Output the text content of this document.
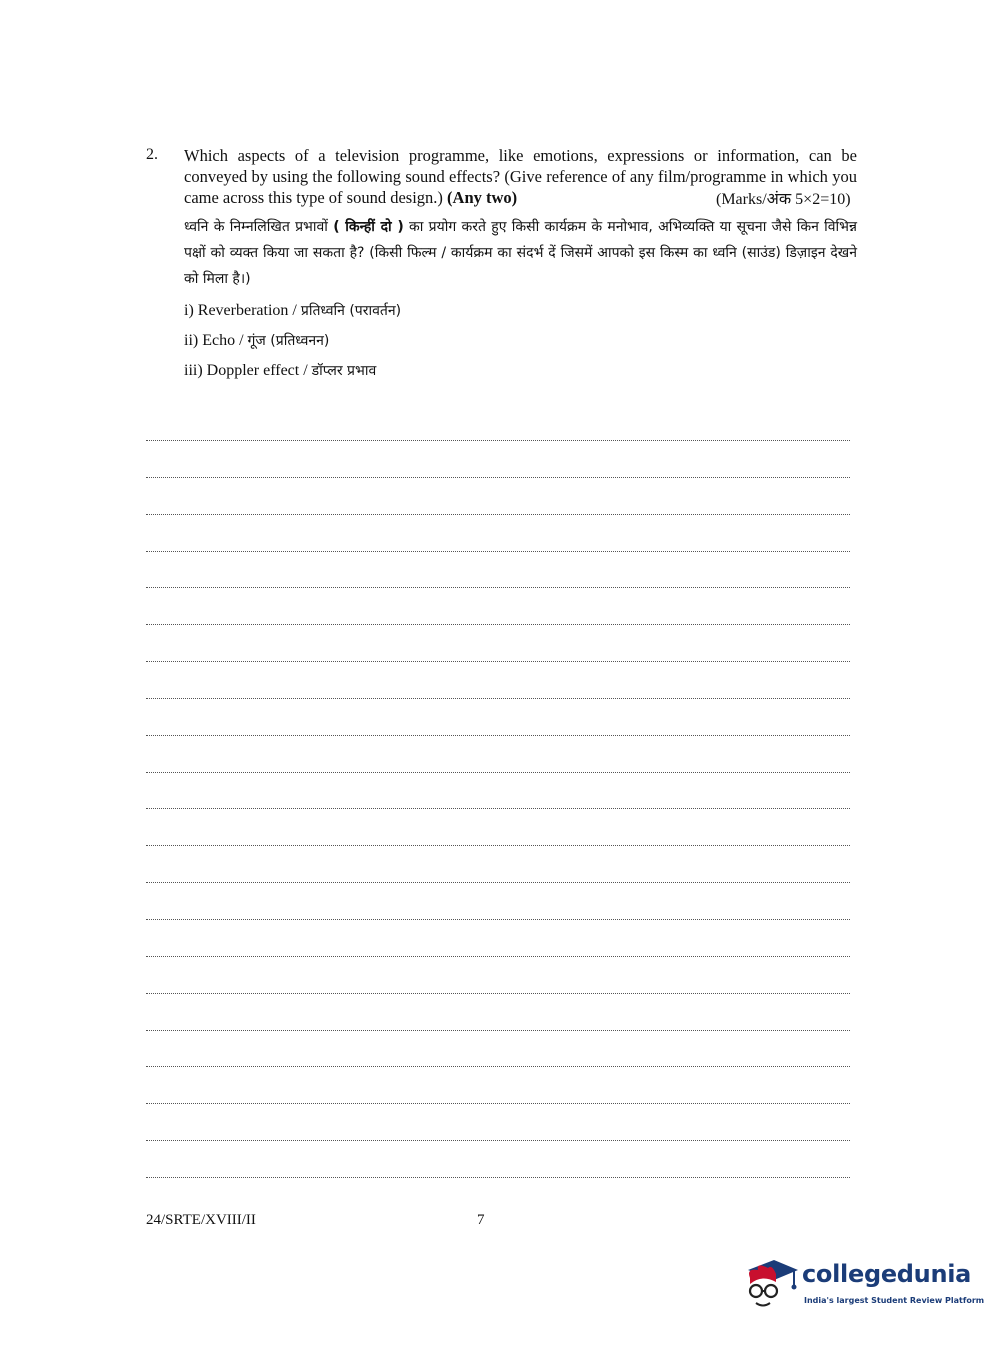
2. Which aspects of a television programme, like emotions, expressions or information, can be conveyed by using the following sound effects? (Give reference of any film/programme in which you came across this type of sound design.) (Any two)	(Marks/अंक 5×2=10)
ध्वनि के निम्नलिखित प्रभावों ( किन्हीं दो ) का प्रयोग करते हुए किसी कार्यक्रम के मनोभाव, अभिव्यक्ति या सूचना जैसे किन विभिन्न पक्षों को व्यक्त किया जा सकता है? (किसी फिल्म / कार्यक्रम का संदर्भ दें जिसमें आपको इस किस्म का ध्वनि (साउंड) डिज़ाइन देखने को मिला है।)
i) Reverberation / प्रतिध्वनि (परावर्तन)
ii) Echo / गूंज (प्रतिध्वनन)
iii) Doppler effect / डॉप्लर प्रभाव
24/SRTE/XVIII/II	7
collegedunia
India's largest Student Review Platform
